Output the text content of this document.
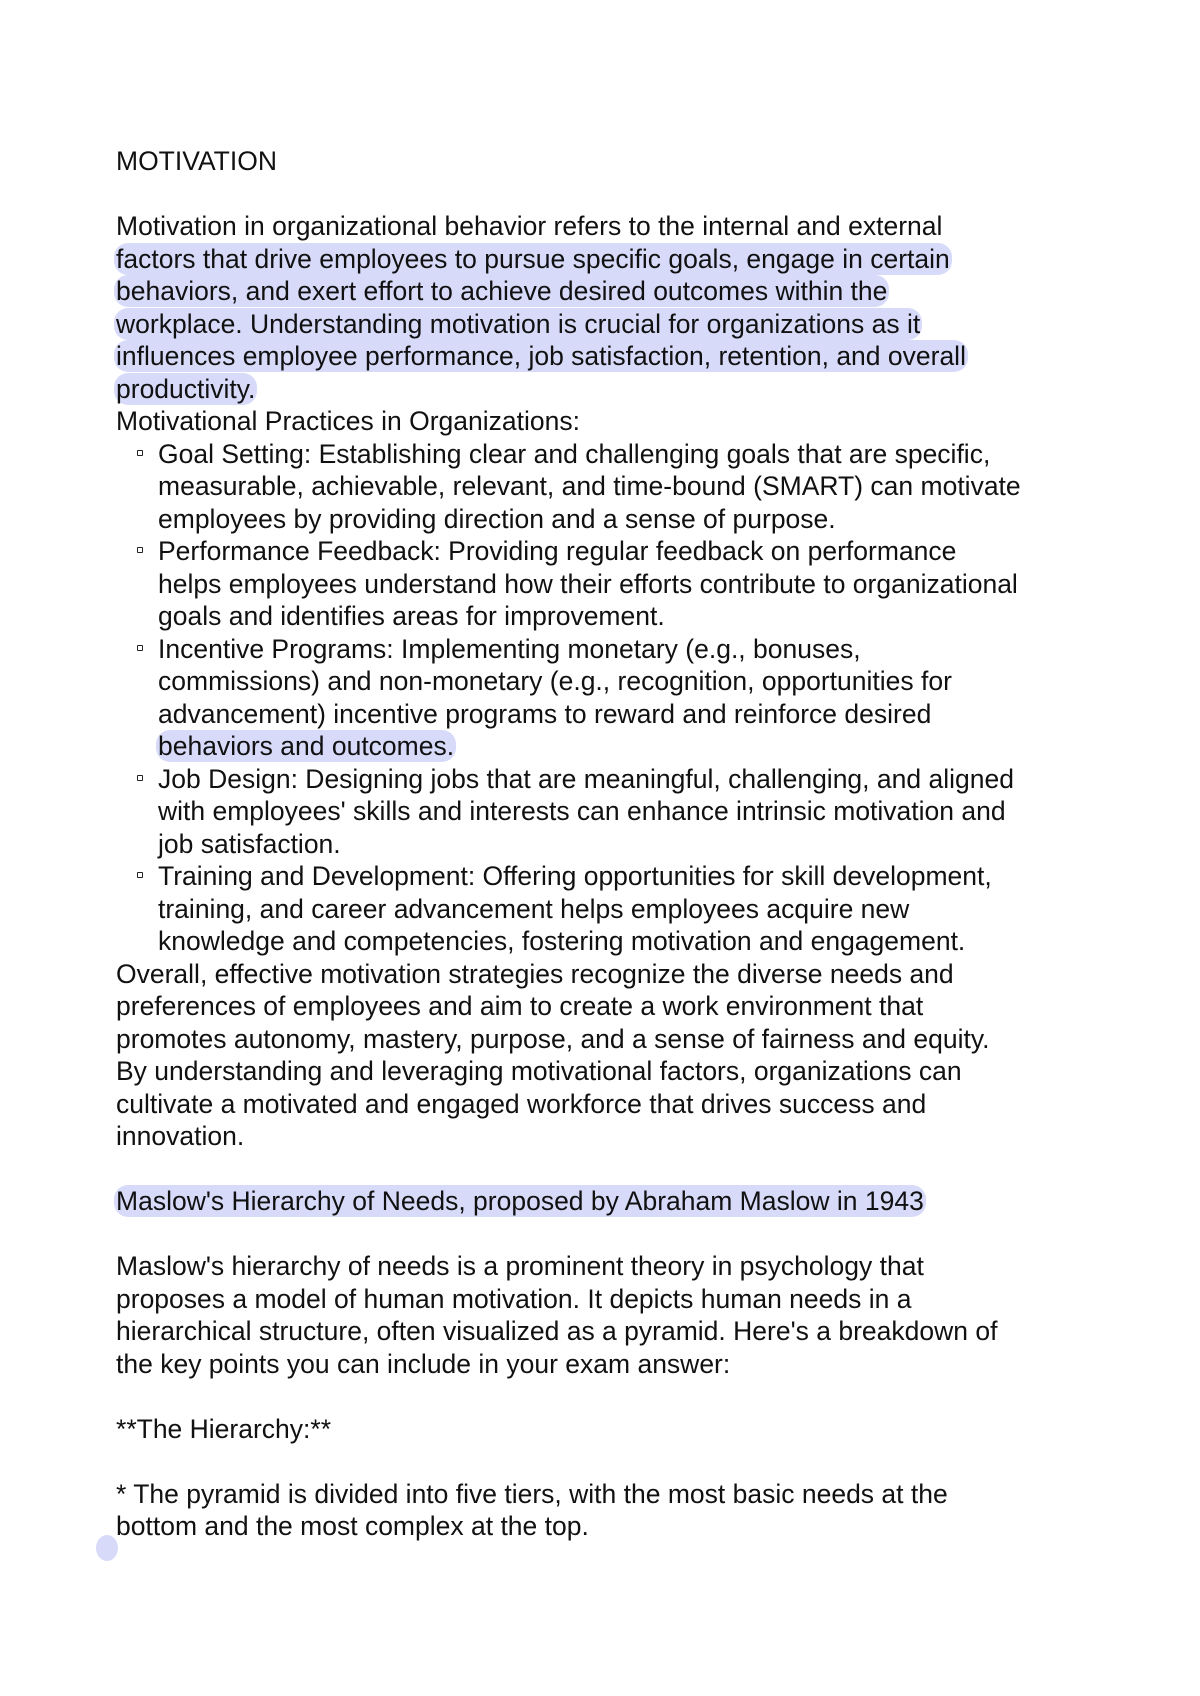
MOTIVATION
Motivation in organizational behavior refers to the internal and external
factors that drive employees to pursue specific goals, engage in certain
behaviors, and exert effort to achieve desired outcomes within the
workplace. Understanding motivation is crucial for organizations as it
influences employee performance, job satisfaction, retention, and overall
productivity.
Motivational Practices in Organizations:
Goal Setting: Establishing clear and challenging goals that are specific,
measurable, achievable, relevant, and time-bound (SMART) can motivate
employees by providing direction and a sense of purpose.
Performance Feedback: Providing regular feedback on performance
helps employees understand how their efforts contribute to organizational
goals and identifies areas for improvement.
Incentive Programs: Implementing monetary (e.g., bonuses,
commissions) and non-monetary (e.g., recognition, opportunities for
advancement) incentive programs to reward and reinforce desired
behaviors and outcomes.
Job Design: Designing jobs that are meaningful, challenging, and aligned
with employees' skills and interests can enhance intrinsic motivation and
job satisfaction.
Training and Development: Offering opportunities for skill development,
training, and career advancement helps employees acquire new
knowledge and competencies, fostering motivation and engagement.
Overall, effective motivation strategies recognize the diverse needs and
preferences of employees and aim to create a work environment that
promotes autonomy, mastery, purpose, and a sense of fairness and equity.
By understanding and leveraging motivational factors, organizations can
cultivate a motivated and engaged workforce that drives success and
innovation.
Maslow's Hierarchy of Needs, proposed by Abraham Maslow in 1943
Maslow's hierarchy of needs is a prominent theory in psychology that
proposes a model of human motivation. It depicts human needs in a
hierarchical structure, often visualized as a pyramid. Here's a breakdown of
the key points you can include in your exam answer:
**The Hierarchy:**
* The pyramid is divided into five tiers, with the most basic needs at the
bottom and the most complex at the top.
